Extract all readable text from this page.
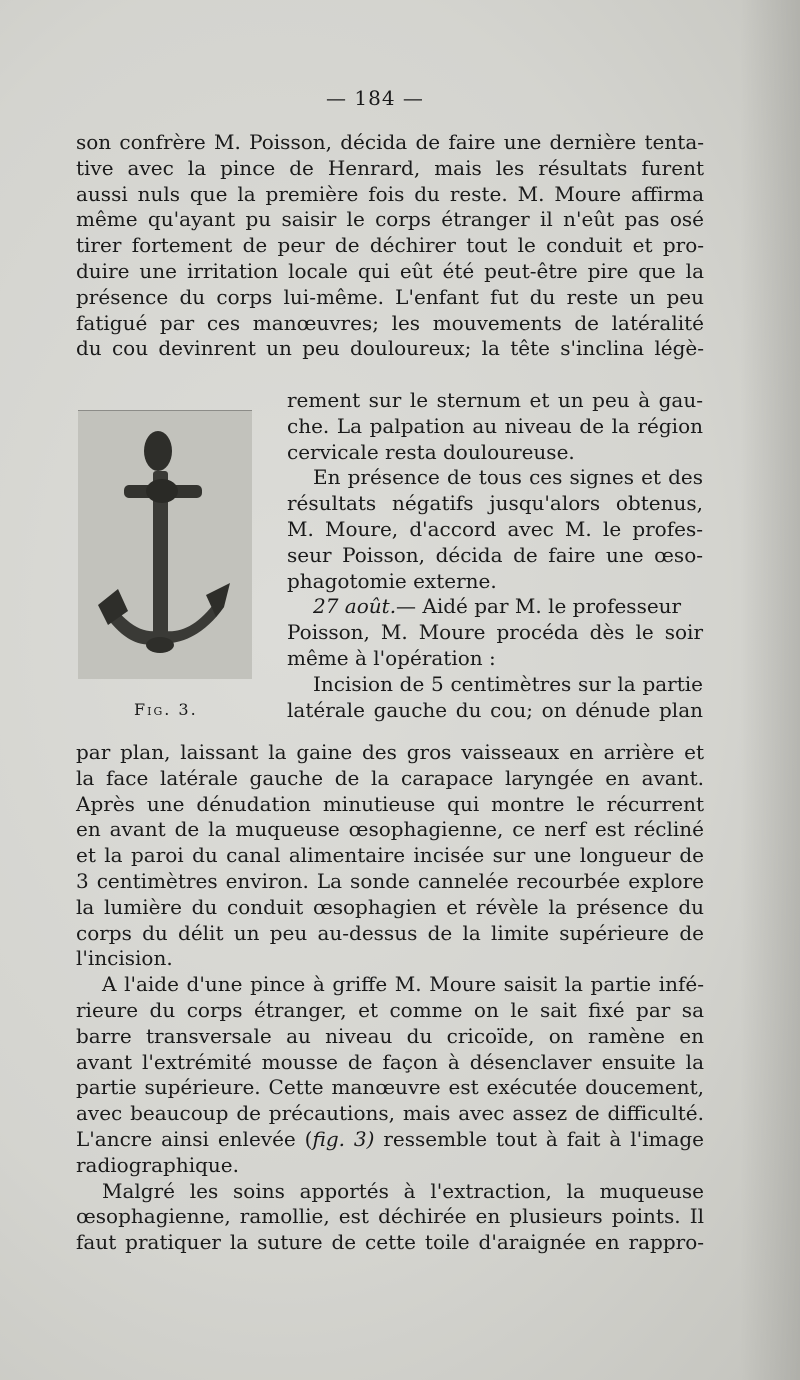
— 184 —
son confrère M. Poisson, décida de faire une dernière tenta-
tive avec la pince de Henrard, mais les résultats furent
aussi nuls que la première fois du reste. M. Moure affirma
même qu'ayant pu saisir le corps étranger il n'eût pas osé
tirer fortement de peur de déchirer tout le conduit et pro-
duire une irritation locale qui eût été peut-être pire que la
présence du corps lui-même. L'enfant fut du reste un peu
fatigué par ces manœuvres; les mouvements de latéralité
du cou devinrent un peu douloureux; la tête s'inclina légè-
Fig. 3.
rement sur le sternum et un peu à gau-
che. La palpation au niveau de la région
cervicale resta douloureuse.
En présence de tous ces signes et des
résultats négatifs jusqu'alors obtenus,
M. Moure, d'accord avec M. le profes-
seur Poisson, décida de faire une œso-
phagotomie externe.
27 août.— Aidé par M. le professeur
Poisson, M. Moure procéda dès le soir
même à l'opération :
Incision de 5 centimètres sur la partie
latérale gauche du cou; on dénude plan
par plan, laissant la gaine des gros vaisseaux en arrière et
la face latérale gauche de la carapace laryngée en avant.
Après une dénudation minutieuse qui montre le récurrent
en avant de la muqueuse œsophagienne, ce nerf est récliné
et la paroi du canal alimentaire incisée sur une longueur de
3 centimètres environ. La sonde cannelée recourbée explore
la lumière du conduit œsophagien et révèle la présence du
corps du délit un peu au-dessus de la limite supérieure de
l'incision.
A l'aide d'une pince à griffe M. Moure saisit la partie infé-
rieure du corps étranger, et comme on le sait fixé par sa
barre transversale au niveau du cricoïde, on ramène en
avant l'extrémité mousse de façon à désenclaver ensuite la
partie supérieure. Cette manœuvre est exécutée doucement,
avec beaucoup de précautions, mais avec assez de difficulté.
L'ancre ainsi enlevée (fig. 3) ressemble tout à fait à l'image
radiographique.
Malgré les soins apportés à l'extraction, la muqueuse
œsophagienne, ramollie, est déchirée en plusieurs points. Il
faut pratiquer la suture de cette toile d'araignée en rappro-
